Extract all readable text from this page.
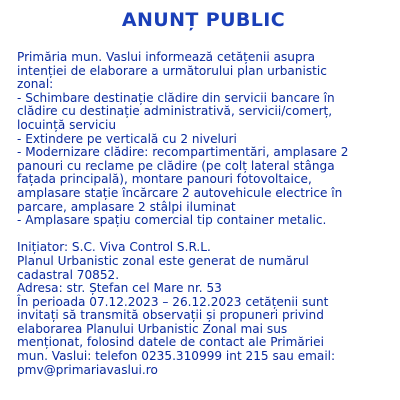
ANUNȚ PUBLIC
Primăria mun. Vaslui informează cetățenii asupra
intenției de elaborare a următorului plan urbanistic
zonal:
- Schimbare destinație clădire din servicii bancare în
clădire cu destinație administrativă, servicii/comerț,
locuință serviciu
- Extindere pe verticală cu 2 niveluri
- Modernizare clădire: recompartimentări, amplasare 2
panouri cu reclame pe clădire (pe colț lateral stânga
fațada principală), montare panouri fotovoltaice,
amplasare stație încărcare 2 autovehicule electrice în
parcare, amplasare 2 stâlpi iluminat
- Amplasare spațiu comercial tip container metalic.
Inițiator: S.C. Viva Control S.R.L.
Planul Urbanistic zonal este generat de numărul
cadastral 70852.
Adresa: str. Ștefan cel Mare nr. 53
În perioada 07.12.2023 – 26.12.2023 cetățenii sunt
invitați să transmită observații și propuneri privind
elaborarea Planului Urbanistic Zonal mai sus
menționat, folosind datele de contact ale Primăriei
mun. Vaslui: telefon 0235.310999 int 215 sau email:
pmv@primariavaslui.ro
